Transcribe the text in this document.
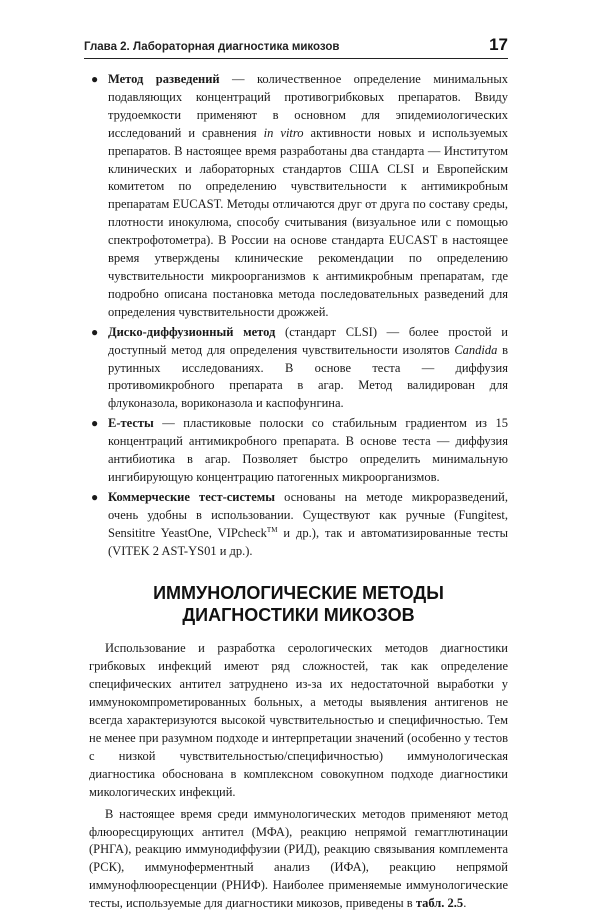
Глава 2. Лабораторная диагностика микозов	17
● Метод разведений — количественное определение минимальных подавляющих концентраций противогрибковых препаратов. Ввиду трудоемкости применяют в основном для эпидемиологических исследований и сравнения in vitro активности новых и используемых препаратов. В настоящее время разработаны два стандарта — Институтом клинических и лабораторных стандартов США CLSI и Европейским комитетом по определению чувствительности к антимикробным препаратам EUCAST. Методы отличаются друг от друга по составу среды, плотности инокулюма, способу считывания (визуальное или с помощью спектрофотометра). В России на основе стандарта EUCAST в настоящее время утверждены клинические рекомендации по определению чувствительности микроорганизмов к антимикробным препаратам, где подробно описана постановка метода последовательных разведений для определения чувствительности дрожжей.
● Диско-диффузионный метод (стандарт CLSI) — более простой и доступный метод для определения чувствительности изолятов Candida в рутинных исследованиях. В основе теста — диффузия противомикробного препарата в агар. Метод валидирован для флуконазола, вориконазола и каспофунгина.
● Е-тесты — пластиковые полоски со стабильным градиентом из 15 концентраций антимикробного препарата. В основе теста — диффузия антибиотика в агар. Позволяет быстро определить минимальную ингибирующую концентрацию патогенных микроорганизмов.
● Коммерческие тест-системы основаны на методе микроразведений, очень удобны в использовании. Существуют как ручные (Fungitest, Sensititre YeastOne, VIPcheck™ и др.), так и автоматизированные тесты (VITEK 2 AST-YS01 и др.).
ИММУНОЛОГИЧЕСКИЕ МЕТОДЫ
ДИАГНОСТИКИ МИКОЗОВ

Использование и разработка серологических методов диагностики грибковых инфекций имеют ряд сложностей, так как определение специфических антител затруднено из-за их недостаточной выработки у иммунокомпрометированных больных, а методы выявления антигенов не всегда характеризуются высокой чувствительностью и специфичностью. Тем не менее при разумном подходе и интерпретации значений (особенно у тестов с низкой чувствительностью/специфичностью) иммунологическая диагностика обоснована в комплексном совокупном подходе диагностики микологических инфекций.

В настоящее время среди иммунологических методов применяют метод флюоресцирующих антител (МФА), реакцию непрямой гемагглютинации (РНГА), реакцию иммунодиффузии (РИД), реакцию связывания комплемента (РСК), иммуноферментный анализ (ИФА), реакцию непрямой иммунофлюоресценции (РНИФ). Наиболее применяемые иммунологические тесты, используемые для диагностики микозов, приведены в табл. 2.5.
